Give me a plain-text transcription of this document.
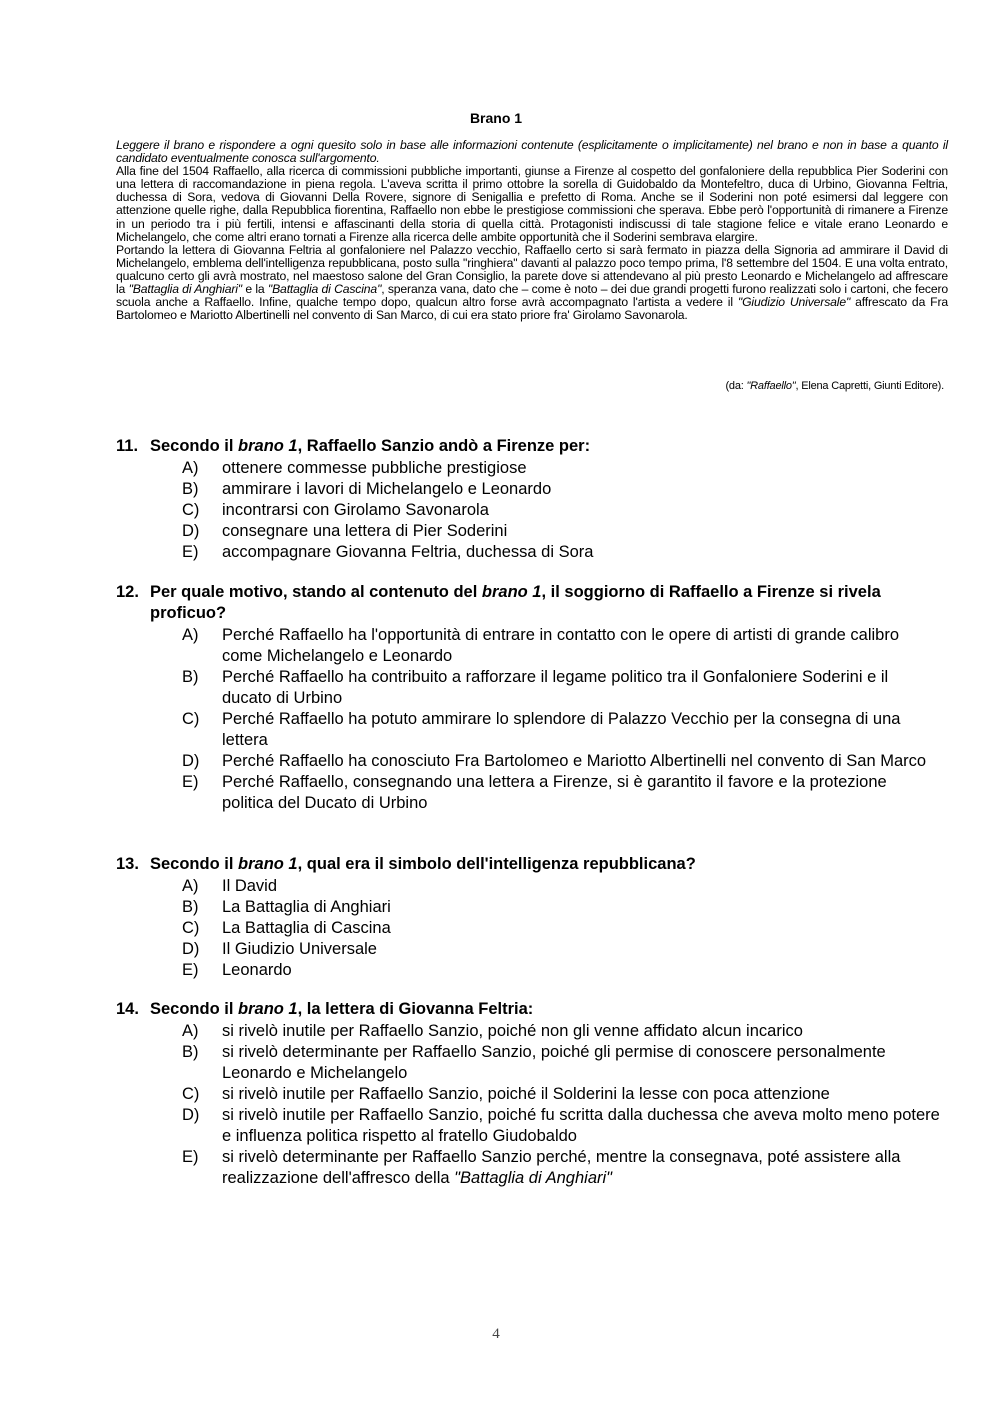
Brano 1

Leggere il brano e rispondere a ogni quesito solo in base alle informazioni contenute (esplicitamente o implicitamente) nel brano e non in base a quanto il candidato eventualmente conosca sull'argomento.

Alla fine del 1504 Raffaello, alla ricerca di commissioni pubbliche importanti, giunse a Firenze al cospetto del gonfaloniere della repubblica Pier Soderini con una lettera di raccomandazione in piena regola. L'aveva scritta il primo ottobre la sorella di Guidobaldo da Montefeltro, duca di Urbino, Giovanna Feltria, duchessa di Sora, vedova di Giovanni Della Rovere, signore di Senigallia e prefetto di Roma. Anche se il Soderini non poté esimersi dal leggere con attenzione quelle righe, dalla Repubblica fiorentina, Raffaello non ebbe le prestigiose commissioni che sperava. Ebbe però l'opportunità di rimanere a Firenze in un periodo tra i più fertili, intensi e affascinanti della storia di quella città. Protagonisti indiscussi di tale stagione felice e vitale erano Leonardo e Michelangelo, che come altri erano tornati a Firenze alla ricerca delle ambite opportunità che il Soderini sembrava elargire.

Portando la lettera di Giovanna Feltria al gonfaloniere nel Palazzo vecchio, Raffaello certo si sarà fermato in piazza della Signoria ad ammirare il David di Michelangelo, emblema dell'intelligenza repubblicana, posto sulla "ringhiera" davanti al palazzo poco tempo prima, l'8 settembre del 1504. E una volta entrato, qualcuno certo gli avrà mostrato, nel maestoso salone del Gran Consiglio, la parete dove si attendevano al più presto Leonardo e Michelangelo ad affrescare la "Battaglia di Anghiari" e la "Battaglia di Cascina", speranza vana, dato che – come è noto – dei due grandi progetti furono realizzati solo i cartoni, che fecero scuola anche a Raffaello. Infine, qualche tempo dopo, qualcun altro forse avrà accompagnato l'artista a vedere il "Giudizio Universale" affrescato da Fra Bartolomeo e Mariotto Albertinelli nel convento di San Marco, di cui era stato priore fra' Girolamo Savonarola.

(da: "Raffaello", Elena Capretti, Giunti Editore).
11. Secondo il brano 1, Raffaello Sanzio andò a Firenze per:
A)	ottenere commesse pubbliche prestigiose
B)	ammirare i lavori di Michelangelo e Leonardo
C)	incontrarsi con Girolamo Savonarola
D)	consegnare una lettera di Pier Soderini
E)	accompagnare Giovanna Feltria, duchessa di Sora
12. Per quale motivo, stando al contenuto del brano 1, il soggiorno di Raffaello a Firenze si rivela proficuo?
A)	Perché Raffaello ha l'opportunità di entrare in contatto con le opere di artisti di grande calibro come Michelangelo e Leonardo
B)	Perché Raffaello ha contribuito a rafforzare il legame politico tra il Gonfaloniere Soderini e il ducato di Urbino
C)	Perché Raffaello ha potuto ammirare lo splendore di Palazzo Vecchio per la consegna di una lettera
D)	Perché Raffaello ha conosciuto Fra Bartolomeo e Mariotto Albertinelli nel convento di San Marco
E)	Perché Raffaello, consegnando una lettera a Firenze, si è garantito il favore e la protezione politica del Ducato di Urbino
13. Secondo il brano 1, qual era il simbolo dell'intelligenza repubblicana?
A)	Il David
B)	La Battaglia di Anghiari
C)	La Battaglia di Cascina
D)	Il Giudizio Universale
E)	Leonardo
14. Secondo il brano 1, la lettera di Giovanna Feltria:
A)	si rivelò inutile per Raffaello Sanzio, poiché non gli venne affidato alcun incarico
B)	si rivelò determinante per Raffaello Sanzio, poiché gli permise di conoscere personalmente Leonardo e Michelangelo
C)	si rivelò inutile per Raffaello Sanzio, poiché il Solderini la lesse con poca attenzione
D)	si rivelò inutile per Raffaello Sanzio, poiché fu scritta dalla duchessa che aveva molto meno potere e influenza politica rispetto al fratello Giudobaldo
E)	si rivelò determinante per Raffaello Sanzio perché, mentre la consegnava, poté assistere alla realizzazione dell'affresco della "Battaglia di Anghiari"
4
